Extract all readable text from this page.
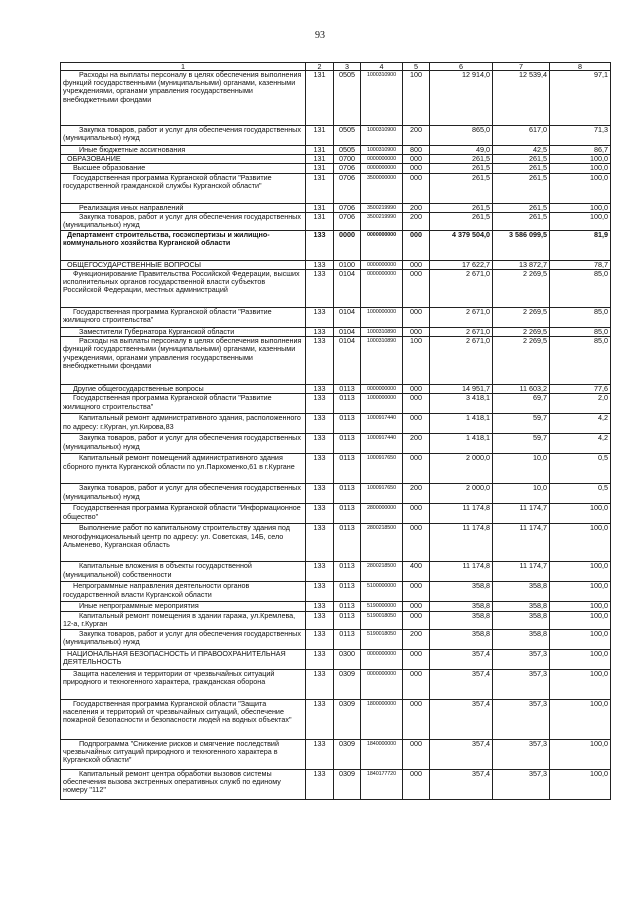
93
1	2	3	4	5	6	7	8
Расходы на выплаты персоналу в целях обеспечения выполнения функций государственными (муниципальными) органами, казенными учреждениями, органами управления государственными внебюджетными фондами	131	0505	1000310900	100	12 914,0	12 539,4	97,1
Закупка товаров, работ и услуг для обеспечения государственных (муниципальных) нужд	131	0505	1000310900	200	865,0	617,0	71,3
Иные бюджетные ассигнования	131	0505	1000310900	800	49,0	42,5	86,7
ОБРАЗОВАНИЕ	131	0700	0000000000	000	261,5	261,5	100,0
Высшее образование	131	0706	0000000000	000	261,5	261,5	100,0
Государственная программа Курганской области "Развитие государственной гражданской службы Курганской области"	131	0706	3500000000	000	261,5	261,5	100,0
Реализация иных направлений	131	0706	3500219990	200	261,5	261,5	100,0
Закупка товаров, работ и услуг для обеспечения государственных (муниципальных) нужд	131	0706	3500219990	200	261,5	261,5	100,0
Департамент строительства, госэкспертизы и жилищно-коммунального хозяйства Курганской области	133	0000	0000000000	000	4 379 504,0	3 586 099,5	81,9
ОБЩЕГОСУДАРСТВЕННЫЕ ВОПРОСЫ	133	0100	0000000000	000	17 622,7	13 872,7	78,7
Функционирование Правительства Российской Федерации, высших исполнительных органов государственной власти субъектов Российской Федерации, местных администраций	133	0104	0000000000	000	2 671,0	2 269,5	85,0
Государственная программа Курганской области "Развитие жилищного строительства"	133	0104	1000000000	000	2 671,0	2 269,5	85,0
Заместители Губернатора Курганской области	133	0104	1000310890	000	2 671,0	2 269,5	85,0
Расходы на выплаты персоналу в целях обеспечения выполнения функций государственными (муниципальными) органами, казенными учреждениями, органами управления государственными внебюджетными фондами	133	0104	1000310890	100	2 671,0	2 269,5	85,0
Другие общегосударственные вопросы	133	0113	0000000000	000	14 951,7	11 603,2	77,6
Государственная программа Курганской области "Развитие жилищного строительства"	133	0113	1000000000	000	3 418,1	69,7	2,0
Капитальный ремонт административного здания, расположенного по адресу: г.Курган, ул.Кирова,83	133	0113	1000917440	000	1 418,1	59,7	4,2
Закупка товаров, работ и услуг для обеспечения государственных (муниципальных) нужд	133	0113	1000917440	200	1 418,1	59,7	4,2
Капитальный ремонт помещений административного здания сборного пункта Курганской области по ул.Пархоменко,61 в г.Кургане	133	0113	1000917650	000	2 000,0	10,0	0,5
Закупка товаров, работ и услуг для обеспечения государственных (муниципальных) нужд	133	0113	1000917650	200	2 000,0	10,0	0,5
Государственная программа Курганской области "Информационное общество"	133	0113	2800000000	000	11 174,8	11 174,7	100,0
Выполнение работ по капитальному строительству здания под многофункциональный центр по адресу: ул. Советская, 14Б, село Альменево, Курганская область	133	0113	2800218500	000	11 174,8	11 174,7	100,0
Капитальные вложения в объекты государственной (муниципальной) собственности	133	0113	2800218500	400	11 174,8	11 174,7	100,0
Непрограммные направления деятельности органов государственной власти Курганской области	133	0113	5100000000	000	358,8	358,8	100,0
Иные непрограммные мероприятия	133	0113	5190000000	000	358,8	358,8	100,0
Капитальный ремонт помещения в здании гаража, ул.Кремлева, 12-а, г.Курган	133	0113	5190018050	000	358,8	358,8	100,0
Закупка товаров, работ и услуг для обеспечения государственных (муниципальных) нужд	133	0113	5190018050	200	358,8	358,8	100,0
НАЦИОНАЛЬНАЯ БЕЗОПАСНОСТЬ И ПРАВООХРАНИТЕЛЬНАЯ ДЕЯТЕЛЬНОСТЬ	133	0300	0000000000	000	357,4	357,3	100,0
Защита населения и территории от чрезвычайных ситуаций природного и техногенного характера, гражданская оборона	133	0309	0000000000	000	357,4	357,3	100,0
Государственная программа Курганской области "Защита населения и территорий от чрезвычайных ситуаций, обеспечение пожарной безопасности и безопасности людей на водных объектах"	133	0309	1800000000	000	357,4	357,3	100,0
Подпрограмма "Снижение рисков и смягчение последствий чрезвычайных ситуаций природного и техногенного характера в Курганской области"	133	0309	1840000000	000	357,4	357,3	100,0
Капитальный ремонт центра обработки вызовов системы обеспечения вызова экстренных оперативных служб по единому номеру "112"	133	0309	1840177720	000	357,4	357,3	100,0
